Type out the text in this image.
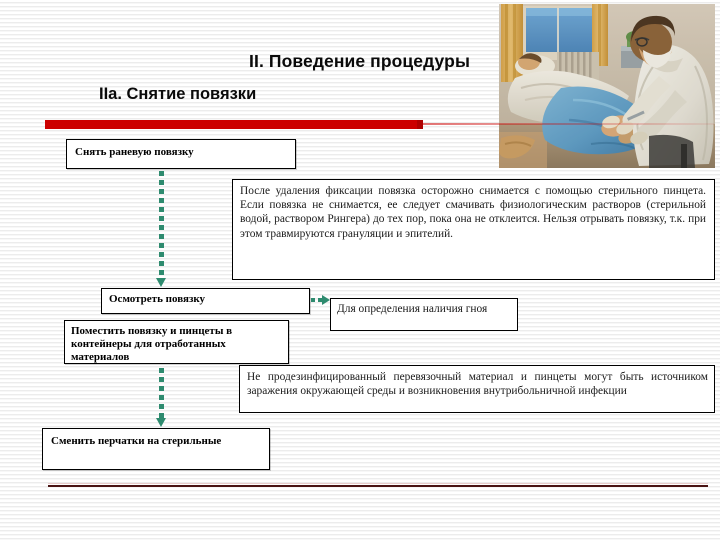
II. Поведение процедуры
IIa. Снятие повязки
Снять раневую повязку
После удаления фиксации повязка осторожно снимается с помощью стерильного пинцета. Если повязка не снимается, ее следует смачивать физиологическим растворов (стерильной водой, раствором Рингера) до тех пор, пока она не отклеится. Нельзя отрывать повязку, т.к. при этом травмируются грануляции и эпителий.
Осмотреть повязку
Для определения наличия гноя
Поместить повязку и пинцеты в контейнеры для отработанных материалов
Не продезинфицированный перевязочный материал и пинцеты могут быть источником заражения окружающей среды и возникновения внутрибольничной инфекции
Сменить перчатки на стерильные
